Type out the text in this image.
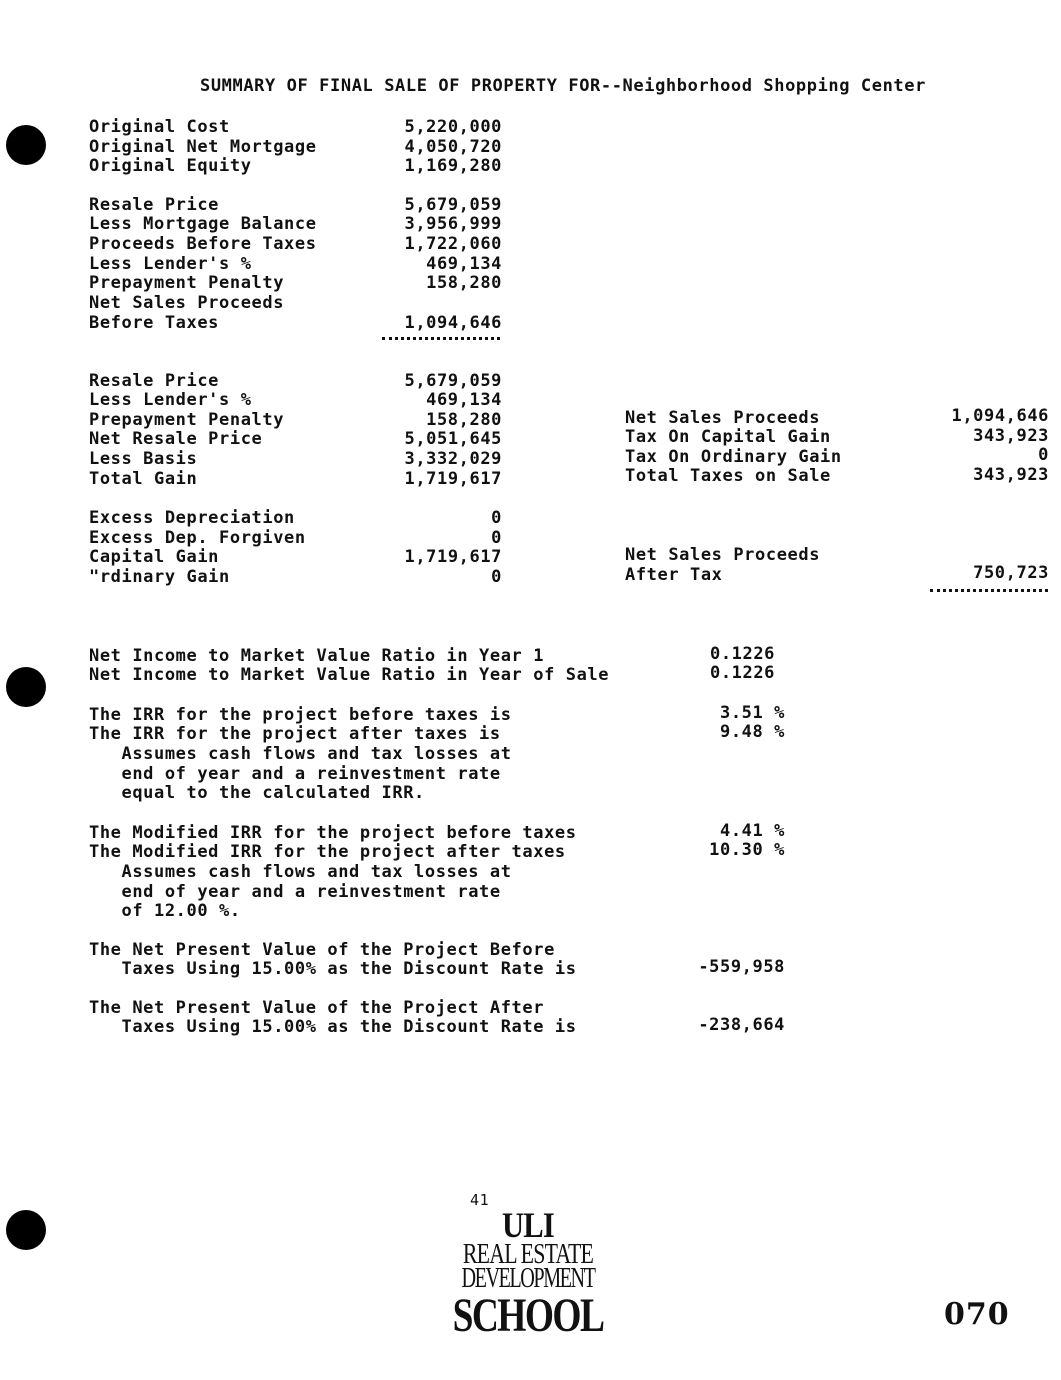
SUMMARY OF FINAL SALE OF PROPERTY FOR--Neighborhood Shopping Center
Original Cost	5,220,000
Original Net Mortgage	4,050,720
Original Equity	1,169,280
Resale Price	5,679,059
Less Mortgage Balance	3,956,999
Proceeds Before Taxes	1,722,060
Less Lender's %	469,134
Prepayment Penalty	158,280
Net Sales Proceeds
Before Taxes	1,094,646
Resale Price	5,679,059
Less Lender's %	469,134
Prepayment Penalty	158,280
Net Resale Price	5,051,645
Less Basis	3,332,029
Total Gain	1,719,617
Net Sales Proceeds	1,094,646
Tax On Capital Gain	343,923
Tax On Ordinary Gain	0
Total Taxes on Sale	343,923
Excess Depreciation	0
Excess Dep. Forgiven	0
Capital Gain	1,719,617
"rdinary Gain	0
Net Sales Proceeds
After Tax	750,723
Net Income to Market Value Ratio in Year 1	0.1226
Net Income to Market Value Ratio in Year of Sale	0.1226
The IRR for the project before taxes is	3.51 %
The IRR for the project after taxes is	9.48 %
Assumes cash flows and tax losses at
end of year and a reinvestment rate
equal to the calculated IRR.
The Modified IRR for the project before taxes	4.41 %
The Modified IRR for the project after taxes	10.30 %
Assumes cash flows and tax losses at
end of year and a reinvestment rate
of 12.00 %.
The Net Present Value of the Project Before
Taxes Using 15.00% as the Discount Rate is	-559,958
The Net Present Value of the Project After
Taxes Using 15.00% as the Discount Rate is	-238,664
41
ULI
REAL ESTATE
DEVELOPMENT
SCHOOL	070
